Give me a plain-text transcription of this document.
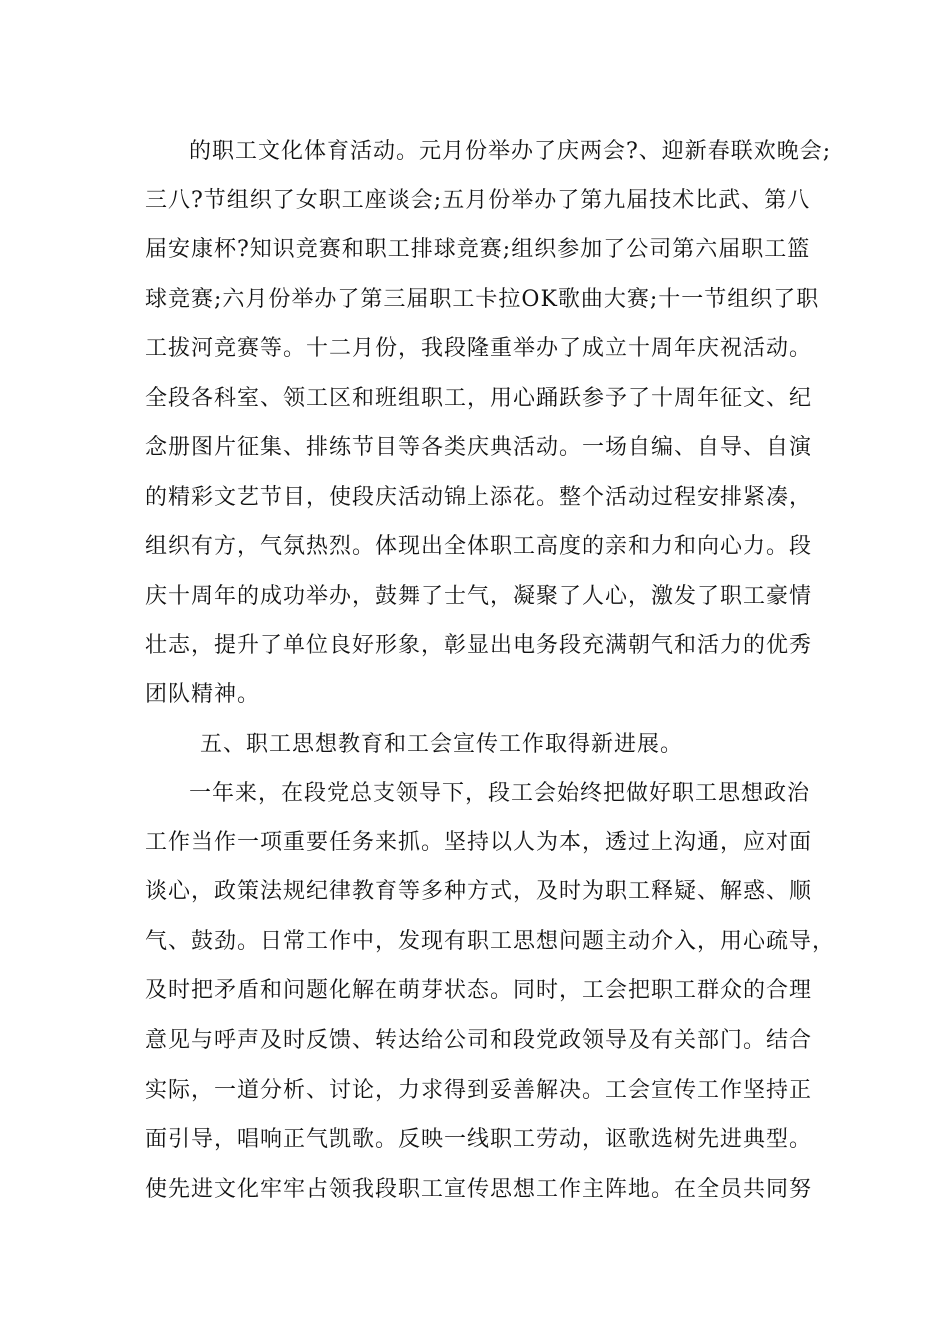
的职工文化体育活动。元月份举办了庆两会?、迎新春联欢晚会;
三八?节组织了女职工座谈会;五月份举办了第九届技术比武、第八
届安康杯?知识竞赛和职工排球竞赛;组织参加了公司第六届职工篮
球竞赛;六月份举办了第三届职工卡拉OK歌曲大赛;十一节组织了职
工拔河竞赛等。十二月份，我段隆重举办了成立十周年庆祝活动。
全段各科室、领工区和班组职工，用心踊跃参予了十周年征文、纪
念册图片征集、排练节目等各类庆典活动。一场自编、自导、自演
的精彩文艺节目，使段庆活动锦上添花。整个活动过程安排紧凑，
组织有方，气氛热烈。体现出全体职工高度的亲和力和向心力。段
庆十周年的成功举办，鼓舞了士气，凝聚了人心，激发了职工豪情
壮志，提升了单位良好形象，彰显出电务段充满朝气和活力的优秀
团队精神。
五、职工思想教育和工会宣传工作取得新进展。
一年来，在段党总支领导下，段工会始终把做好职工思想政治
工作当作一项重要任务来抓。坚持以人为本，透过上沟通，应对面
谈心，政策法规纪律教育等多种方式，及时为职工释疑、解惑、顺
气、鼓劲。日常工作中，发现有职工思想问题主动介入，用心疏导，
及时把矛盾和问题化解在萌芽状态。同时，工会把职工群众的合理
意见与呼声及时反馈、转达给公司和段党政领导及有关部门。结合
实际，一道分析、讨论，力求得到妥善解决。工会宣传工作坚持正
面引导，唱响正气凯歌。反映一线职工劳动，讴歌选树先进典型。
使先进文化牢牢占领我段职工宣传思想工作主阵地。在全员共同努
